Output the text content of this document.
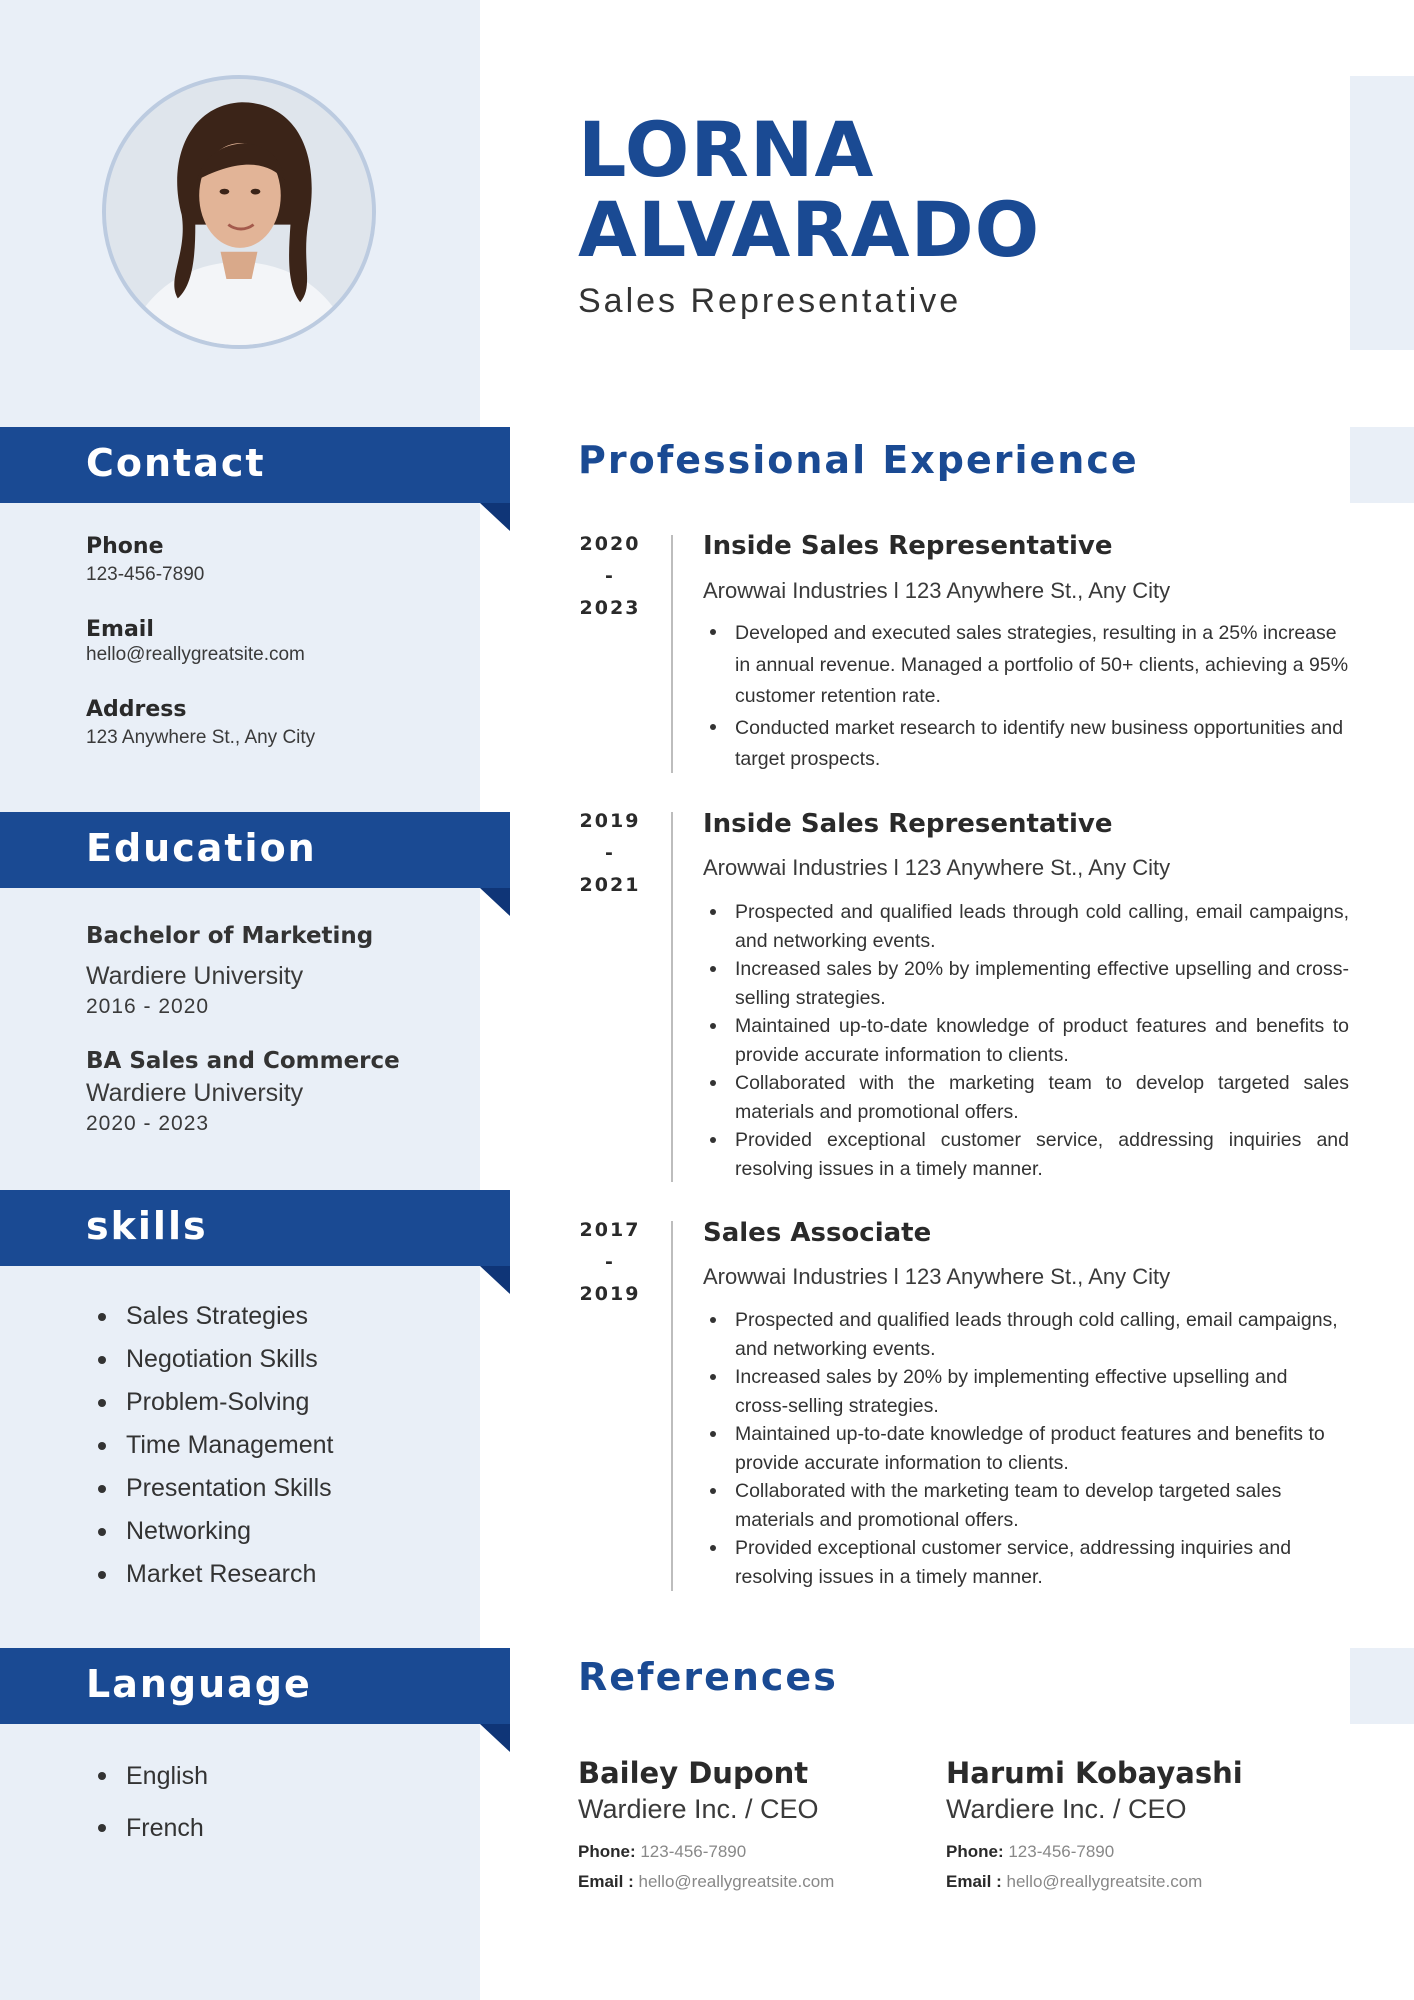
Contact
Phone
123-456-7890
Email
hello@reallygreatsite.com
Address
123 Anywhere St., Any City
Education
Bachelor of Marketing
Wardiere University
2016 - 2020
BA Sales and Commerce
Wardiere University
2020 - 2023
skills
Sales Strategies
Negotiation Skills
Problem-Solving
Time Management
Presentation Skills
Networking
Market Research
Language
English
French
LORNA
ALVARADO
Sales Representative
Professional Experience
2020
-
2023
Inside Sales Representative
Arowwai Industries l 123 Anywhere St., Any City
Developed and executed sales strategies, resulting in a 25% increase in annual revenue. Managed a portfolio of 50+ clients, achieving a 95% customer retention rate.
Conducted market research to identify new business opportunities and target prospects.
2019
-
2021
Inside Sales Representative
Arowwai Industries l 123 Anywhere St., Any City
Prospected and qualified leads through cold calling, email campaigns, and networking events.
Increased sales by 20% by implementing effective upselling and cross-selling strategies.
Maintained up-to-date knowledge of product features and benefits to provide accurate information to clients.
Collaborated with the marketing team to develop targeted sales materials and promotional offers.
Provided exceptional customer service, addressing inquiries and resolving issues in a timely manner.
2017
-
2019
Sales Associate
Arowwai Industries l 123 Anywhere St., Any City
Prospected and qualified leads through cold calling, email campaigns, and networking events.
Increased sales by 20% by implementing effective upselling and cross-selling strategies.
Maintained up-to-date knowledge of product features and benefits to provide accurate information to clients.
Collaborated with the marketing team to develop targeted sales materials and promotional offers.
Provided exceptional customer service, addressing inquiries and resolving issues in a timely manner.
References
Bailey Dupont
Wardiere Inc. / CEO
Phone: 123-456-7890
Email : hello@reallygreatsite.com
Harumi Kobayashi
Wardiere Inc. / CEO
Phone: 123-456-7890
Email : hello@reallygreatsite.com
